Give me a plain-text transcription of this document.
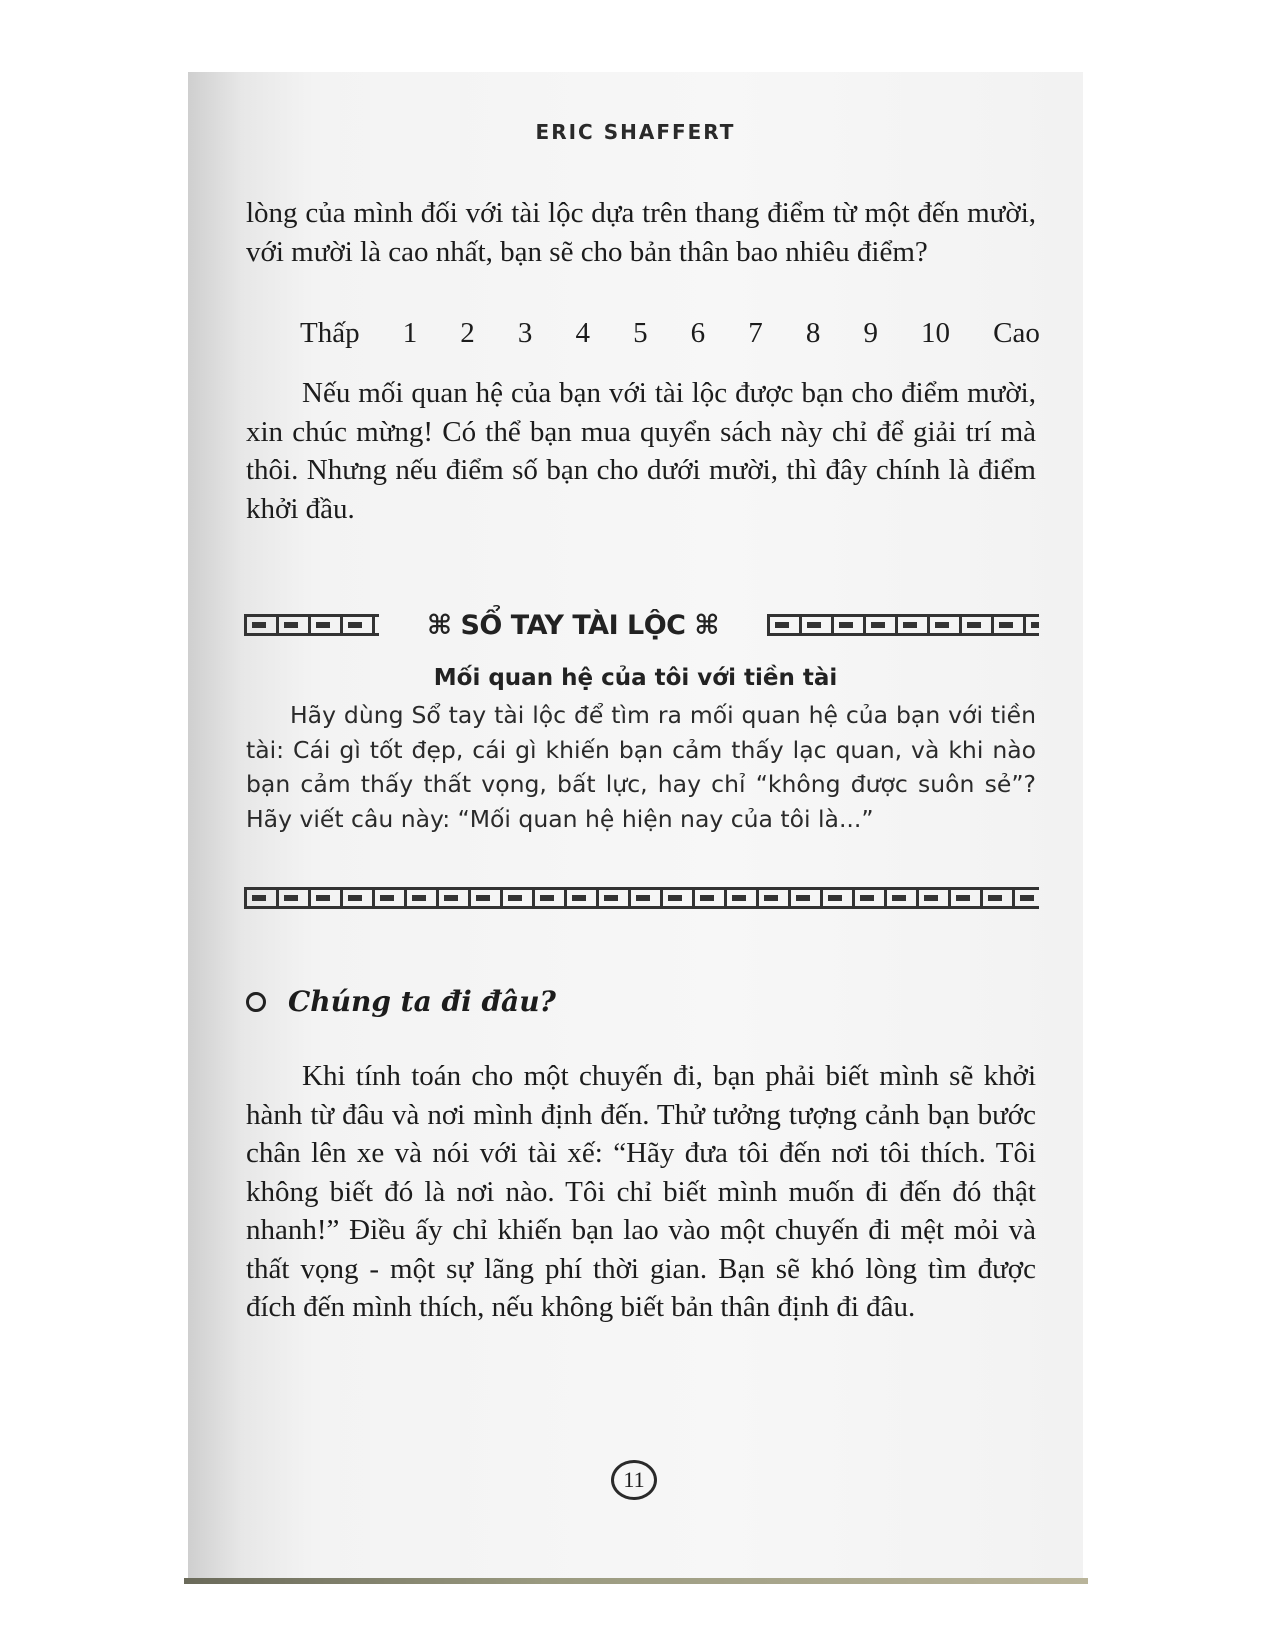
ERIC SHAFFERT
lòng của mình đối với tài lộc dựa trên thang điểm từ một đến mười, với mười là cao nhất, bạn sẽ cho bản thân bao nhiêu điểm?
Thấp 1 2 3 4 5 6 7 8 9 10 Cao
Nếu mối quan hệ của bạn với tài lộc được bạn cho điểm mười, xin chúc mừng! Có thể bạn mua quyển sách này chỉ để giải trí mà thôi. Nhưng nếu điểm số bạn cho dưới mười, thì đây chính là điểm khởi đầu.
⌘ SỔ TAY TÀI LỘC ⌘
Mối quan hệ của tôi với tiền tài
Hãy dùng Sổ tay tài lộc để tìm ra mối quan hệ của bạn với tiền tài: Cái gì tốt đẹp, cái gì khiến bạn cảm thấy lạc quan, và khi nào bạn cảm thấy thất vọng, bất lực, hay chỉ “không được suôn sẻ”? Hãy viết câu này: “Mối quan hệ hiện nay của tôi là...”
Chúng ta đi đâu?
Khi tính toán cho một chuyến đi, bạn phải biết mình sẽ khởi hành từ đâu và nơi mình định đến. Thử tưởng tượng cảnh bạn bước chân lên xe và nói với tài xế: “Hãy đưa tôi đến nơi tôi thích. Tôi không biết đó là nơi nào. Tôi chỉ biết mình muốn đi đến đó thật nhanh!” Điều ấy chỉ khiến bạn lao vào một chuyến đi mệt mỏi và thất vọng - một sự lãng phí thời gian. Bạn sẽ khó lòng tìm được đích đến mình thích, nếu không biết bản thân định đi đâu.
11
